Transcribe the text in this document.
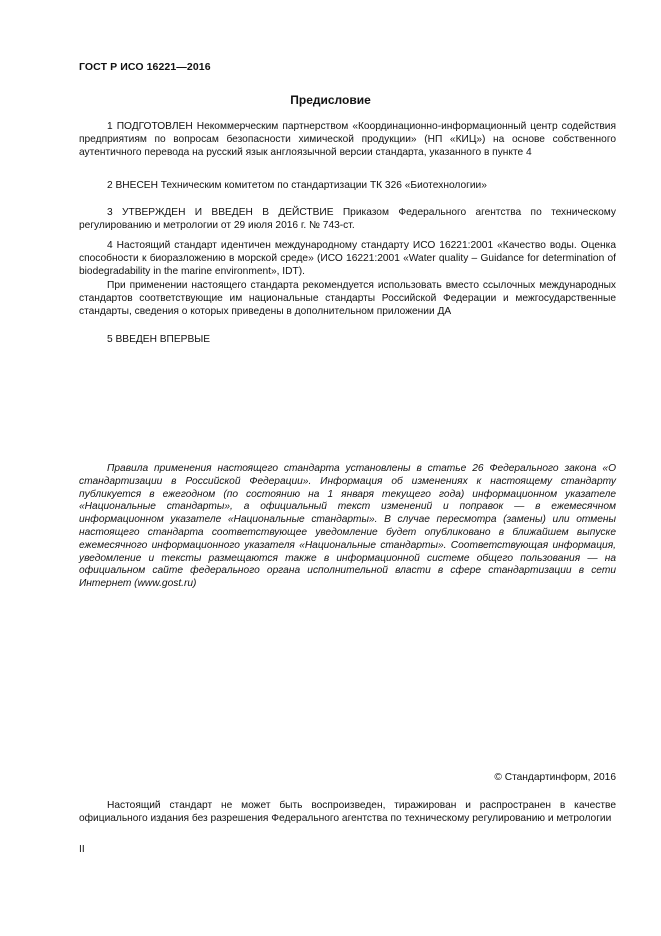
ГОСТ Р ИСО 16221—2016
Предисловие

1 ПОДГОТОВЛЕН Некоммерческим партнерством «Координационно-информационный центр содействия предприятиям по вопросам безопасности химической продукции» (НП «КИЦ») на основе собственного аутентичного перевода на русский язык англоязычной версии стандарта, указанного в пункте 4

2 ВНЕСЕН Техническим комитетом по стандартизации ТК 326 «Биотехнологии»

3 УТВЕРЖДЕН И ВВЕДЕН В ДЕЙСТВИЕ Приказом Федерального агентства по техническому регулированию и метрологии от 29 июля 2016 г. № 743-ст.

4 Настоящий стандарт идентичен международному стандарту ИСО 16221:2001 «Качество воды. Оценка способности к биоразложению в морской среде» (ИСО 16221:2001 «Water quality – Guidance for determination of biodegradability in the marine environment», IDT).

При применении настоящего стандарта рекомендуется использовать вместо ссылочных международных стандартов соответствующие им национальные стандарты Российской Федерации и межгосударственные стандарты, сведения о которых приведены в дополнительном приложении ДА

5 ВВЕДЕН ВПЕРВЫЕ

Правила применения настоящего стандарта установлены в статье 26 Федерального закона «О стандартизации в Российской Федерации». Информация об изменениях к настоящему стандарту публикуется в ежегодном (по состоянию на 1 января текущего года) информационном указателе «Национальные стандарты», а официальный текст изменений и поправок — в ежемесячном информационном указателе «Национальные стандарты». В случае пересмотра (замены) или отмены настоящего стандарта соответствующее уведомление будет опубликовано в ближайшем выпуске ежемесячного информационного указателя «Национальные стандарты». Соответствующая информация, уведомление и тексты размещаются также в информационной системе общего пользования — на официальном сайте федерального органа исполнительной власти в сфере стандартизации в сети Интернет (www.gost.ru)

© Стандартинформ, 2016

Настоящий стандарт не может быть воспроизведен, тиражирован и распространен в качестве официального издания без разрешения Федерального агентства по техническому регулированию и метрологии

II
